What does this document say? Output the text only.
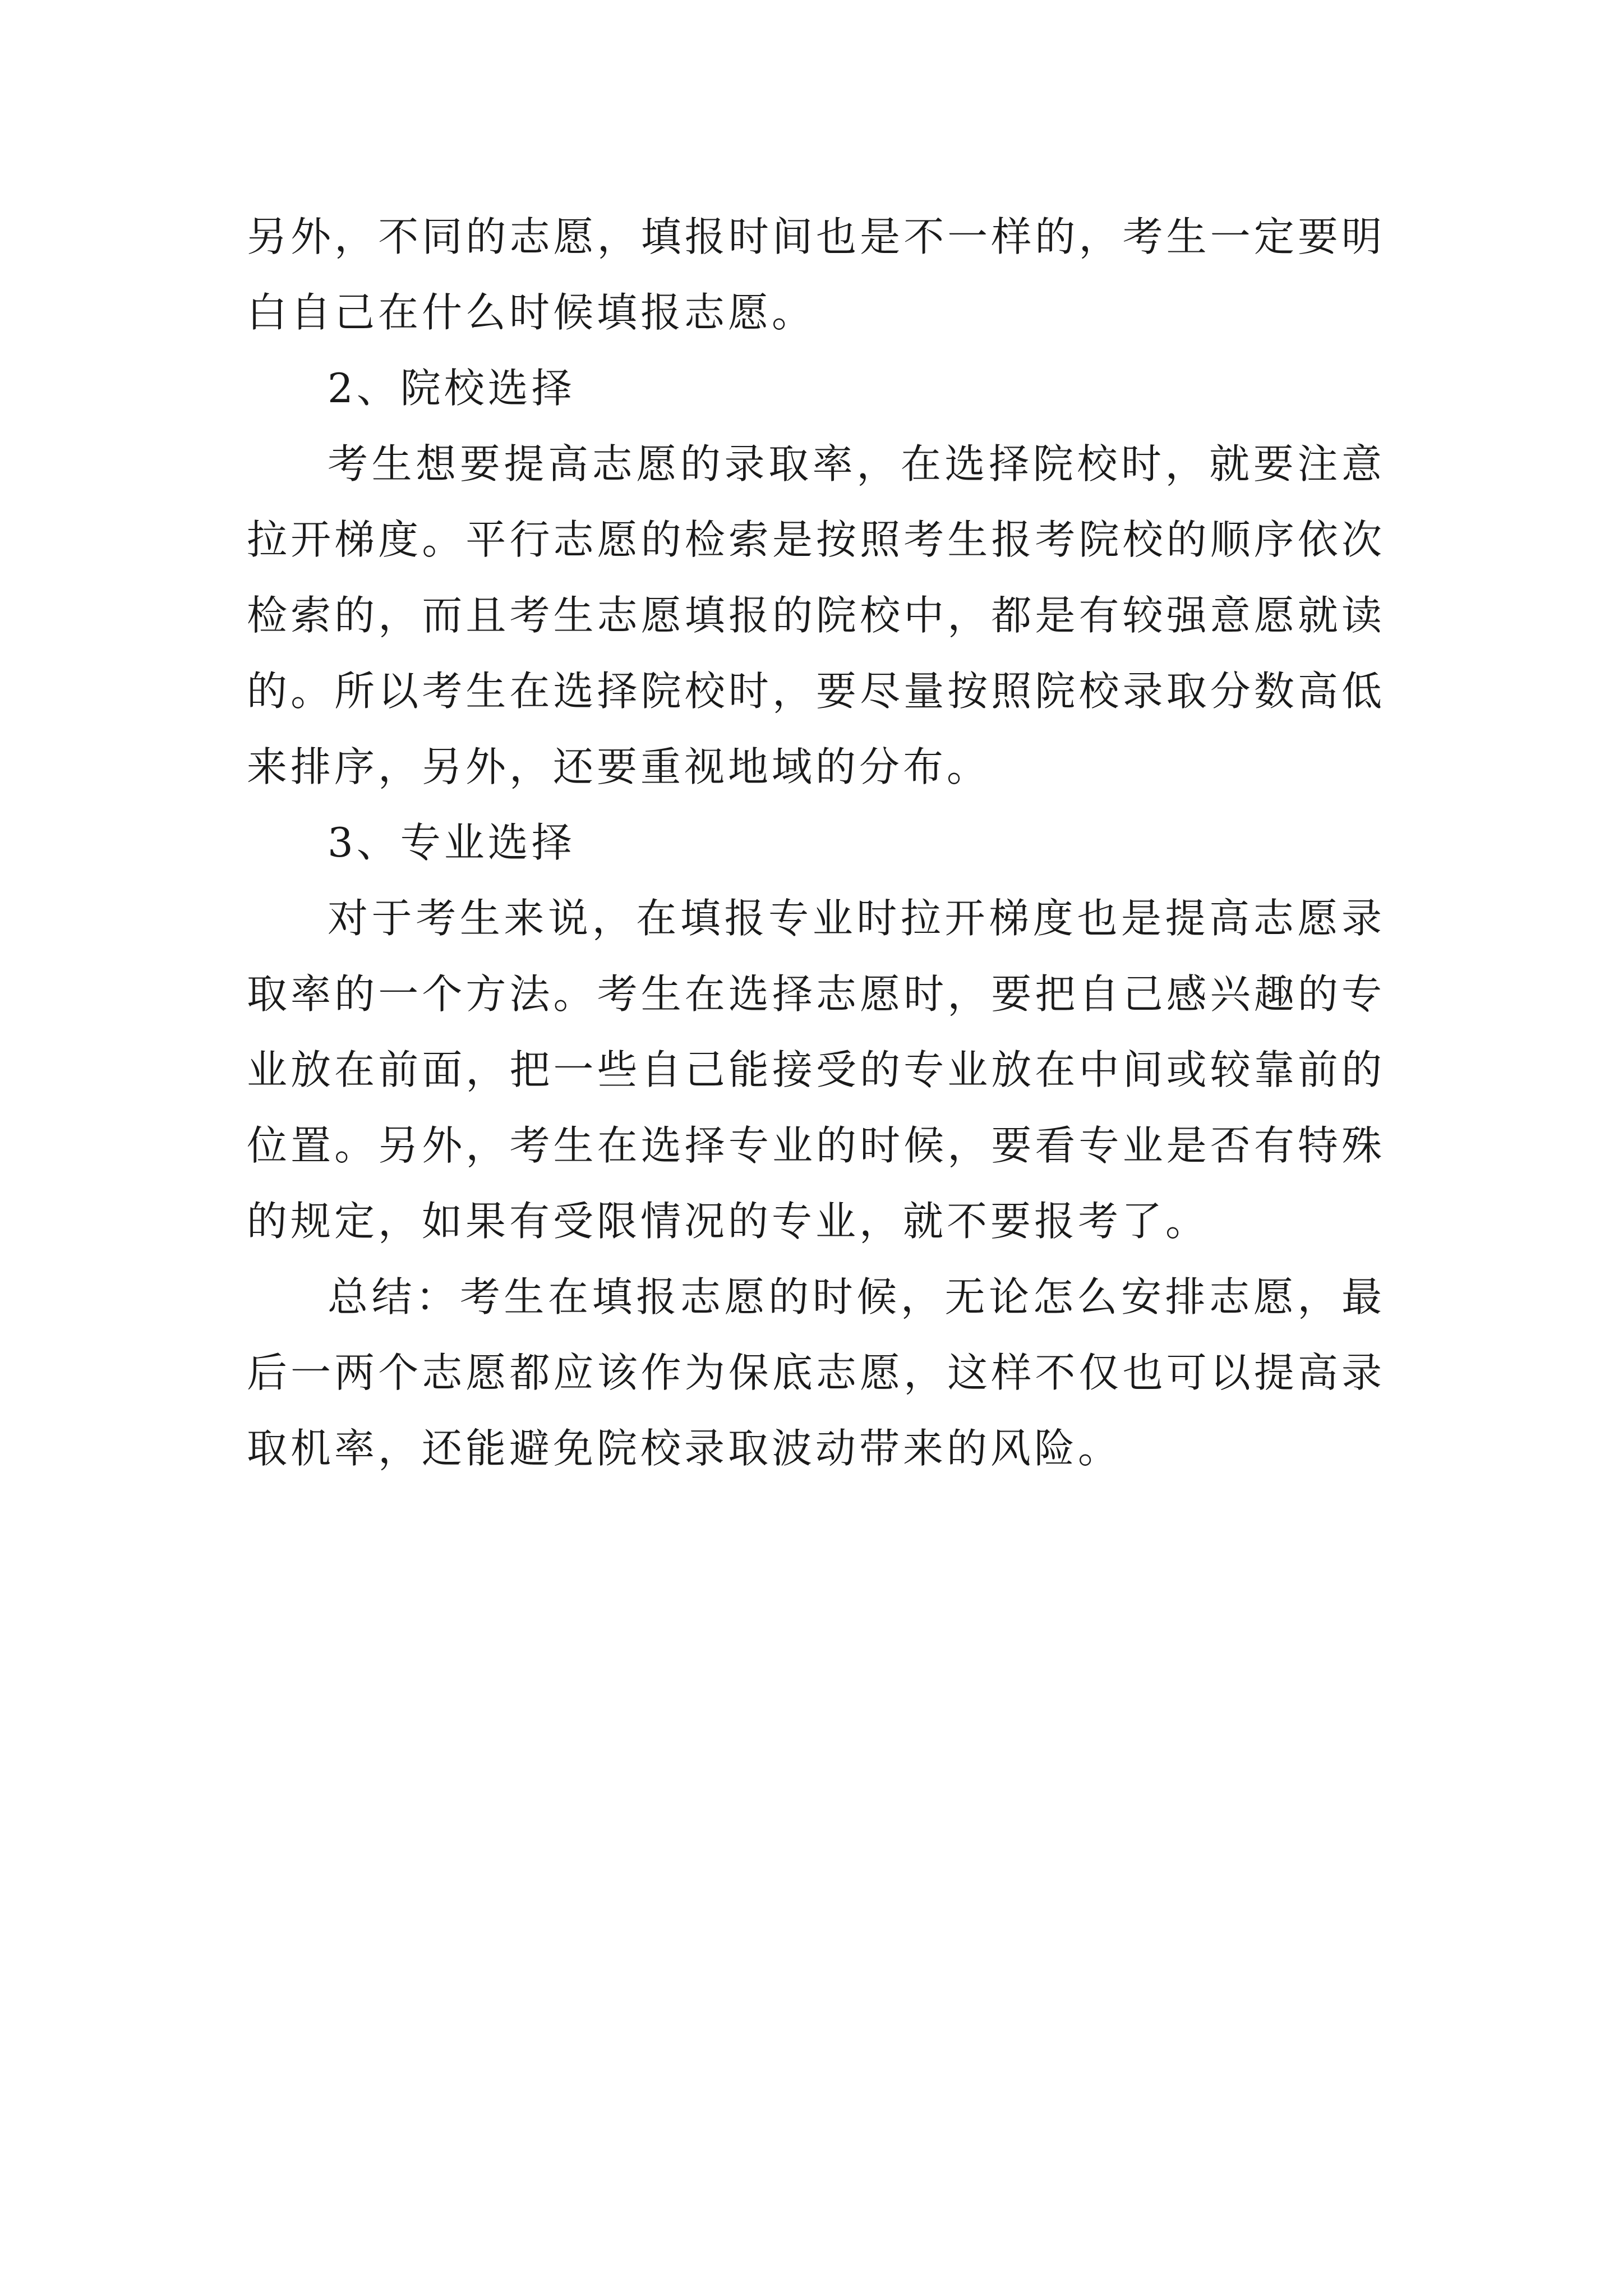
另外，不同的志愿，填报时间也是不一样的，考生一定要明白自己在什么时候填报志愿。

2、院校选择

考生想要提高志愿的录取率，在选择院校时，就要注意拉开梯度。平行志愿的检索是按照考生报考院校的顺序依次检索的，而且考生志愿填报的院校中，都是有较强意愿就读的。所以考生在选择院校时，要尽量按照院校录取分数高低来排序，另外，还要重视地域的分布。

3、专业选择

对于考生来说，在填报专业时拉开梯度也是提高志愿录取率的一个方法。考生在选择志愿时，要把自己感兴趣的专业放在前面，把一些自己能接受的专业放在中间或较靠前的位置。另外，考生在选择专业的时候，要看专业是否有特殊的规定，如果有受限情况的专业，就不要报考了。

总结：考生在填报志愿的时候，无论怎么安排志愿，最后一两个志愿都应该作为保底志愿，这样不仅也可以提高录取机率，还能避免院校录取波动带来的风险。
